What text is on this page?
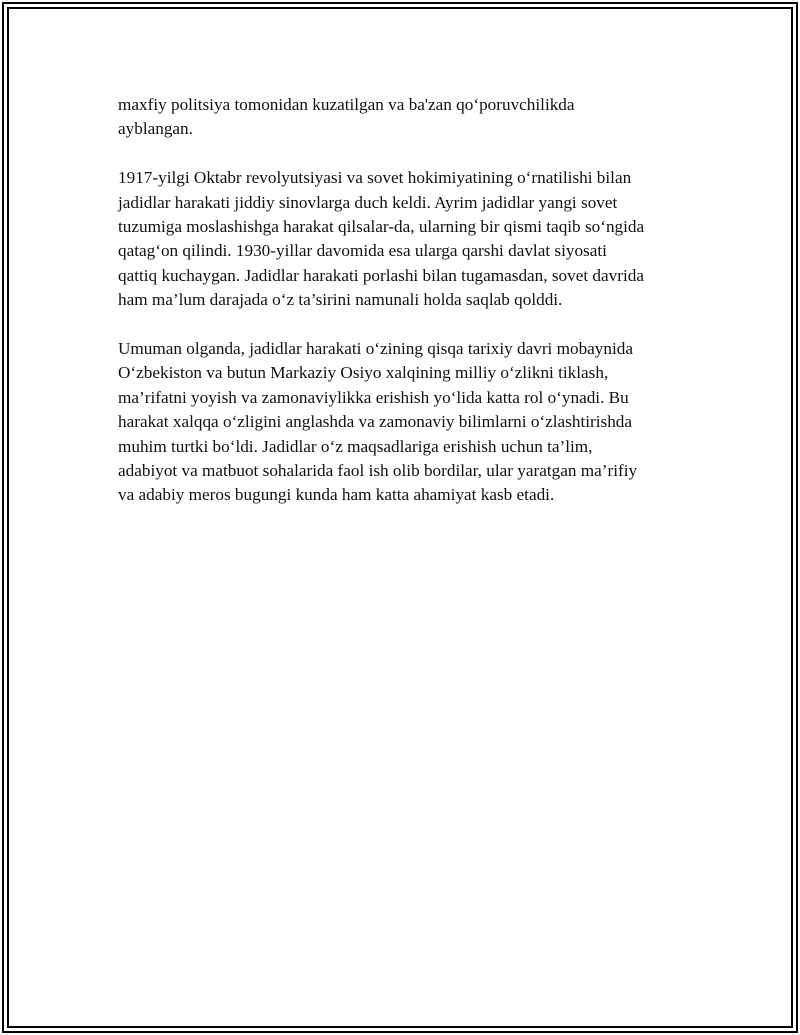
maxfiy politsiya tomonidan kuzatilgan va ba'zan qo‘poruvchilikda
ayblangan.

1917-yilgi Oktabr revolyutsiyasi va sovet hokimiyatining o‘rnatilishi bilan
jadidlar harakati jiddiy sinovlarga duch keldi. Ayrim jadidlar yangi sovet
tuzumiga moslashishga harakat qilsalar-da, ularning bir qismi taqib so‘ngida
qatag‘on qilindi. 1930-yillar davomida esa ularga qarshi davlat siyosati
qattiq kuchaygan. Jadidlar harakati porlashi bilan tugamasdan, sovet davrida
ham ma’lum darajada o‘z ta’sirini namunali holda saqlab qolddi.

Umuman olganda, jadidlar harakati o‘zining qisqa tarixiy davri mobaynida
O‘zbekiston va butun Markaziy Osiyo xalqining milliy o‘zlikni tiklash,
ma’rifatni yoyish va zamonaviylikka erishish yo‘lida katta rol o‘ynadi. Bu
harakat xalqqa o‘zligini anglashda va zamonaviy bilimlarni o‘zlashtirishda
muhim turtki bo‘ldi. Jadidlar o‘z maqsadlariga erishish uchun ta’lim,
adabiyot va matbuot sohalarida faol ish olib bordilar, ular yaratgan ma’rifiy
va adabiy meros bugungi kunda ham katta ahamiyat kasb etadi.
